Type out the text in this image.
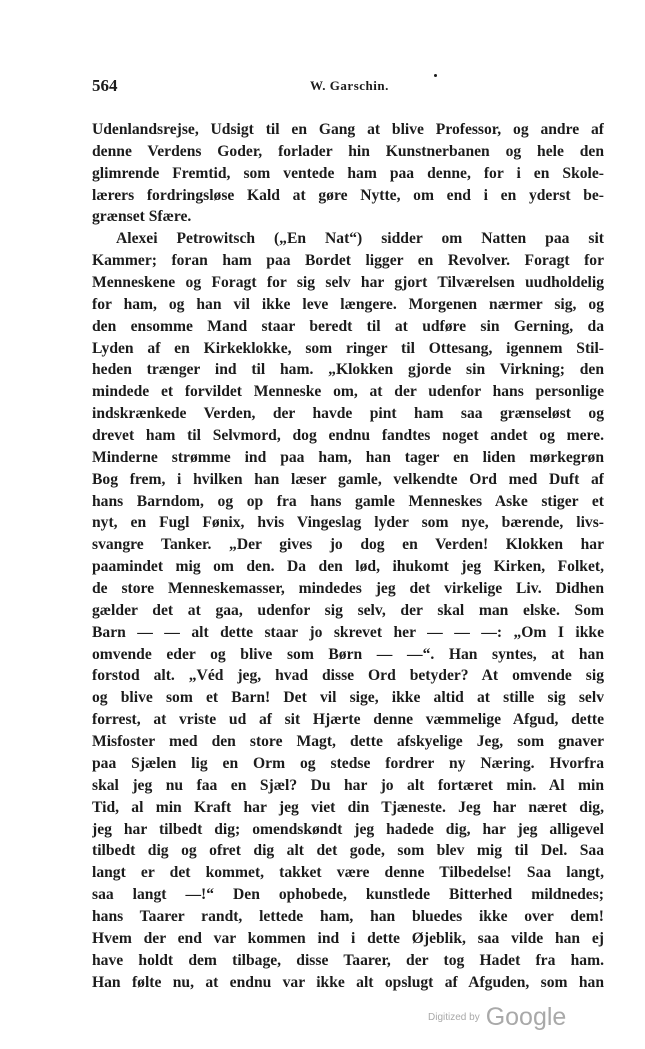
564	W. Garschin.
Udenlandsrejse, Udsigt til en Gang at blive Professor, og andre af
denne Verdens Goder, forlader hin Kunstnerbanen og hele den
glimrende Fremtid, som ventede ham paa denne, for i en Skole-
lærers fordringsløse Kald at gøre Nytte, om end i en yderst be-
grænset Sfære.
Alexei Petrowitsch („En Nat“) sidder om Natten paa sit
Kammer; foran ham paa Bordet ligger en Revolver. Foragt for
Menneskene og Foragt for sig selv har gjort Tilværelsen uudholdelig
for ham, og han vil ikke leve længere. Morgenen nærmer sig, og
den ensomme Mand staar beredt til at udføre sin Gerning, da
Lyden af en Kirkeklokke, som ringer til Ottesang, igennem Stil-
heden trænger ind til ham. „Klokken gjorde sin Virkning; den
mindede et forvildet Menneske om, at der udenfor hans personlige
indskrænkede Verden, der havde pint ham saa grænseløst og
drevet ham til Selvmord, dog endnu fandtes noget andet og mere.
Minderne strømme ind paa ham, han tager en liden mørkegrøn
Bog frem, i hvilken han læser gamle, velkendte Ord med Duft af
hans Barndom, og op fra hans gamle Menneskes Aske stiger et
nyt, en Fugl Fønix, hvis Vingeslag lyder som nye, bærende, livs-
svangre Tanker. „Der gives jo dog en Verden! Klokken har
paamindet mig om den. Da den lød, ihukomt jeg Kirken, Folket,
de store Menneskemasser, mindedes jeg det virkelige Liv. Didhen
gælder det at gaa, udenfor sig selv, der skal man elske. Som
Barn — — alt dette staar jo skrevet her — — —: „Om I ikke
omvende eder og blive som Børn — —“. Han syntes, at han
forstod alt. „Véd jeg, hvad disse Ord betyder? At omvende sig
og blive som et Barn! Det vil sige, ikke altid at stille sig selv
forrest, at vriste ud af sit Hjærte denne væmmelige Afgud, dette
Misfoster med den store Magt, dette afskyelige Jeg, som gnaver
paa Sjælen lig en Orm og stedse fordrer ny Næring. Hvorfra
skal jeg nu faa en Sjæl? Du har jo alt fortæret min. Al min
Tid, al min Kraft har jeg viet din Tjæneste. Jeg har næret dig,
jeg har tilbedt dig; omendskøndt jeg hadede dig, har jeg alligevel
tilbedt dig og ofret dig alt det gode, som blev mig til Del. Saa
langt er det kommet, takket være denne Tilbedelse! Saa langt,
saa langt —!“ Den ophobede, kunstlede Bitterhed mildnedes;
hans Taarer randt, lettede ham, han bluedes ikke over dem!
Hvem der end var kommen ind i dette Øjeblik, saa vilde han ej
have holdt dem tilbage, disse Taarer, der tog Hadet fra ham.
Han følte nu, at endnu var ikke alt opslugt af Afguden, som han
Digitized by Google
